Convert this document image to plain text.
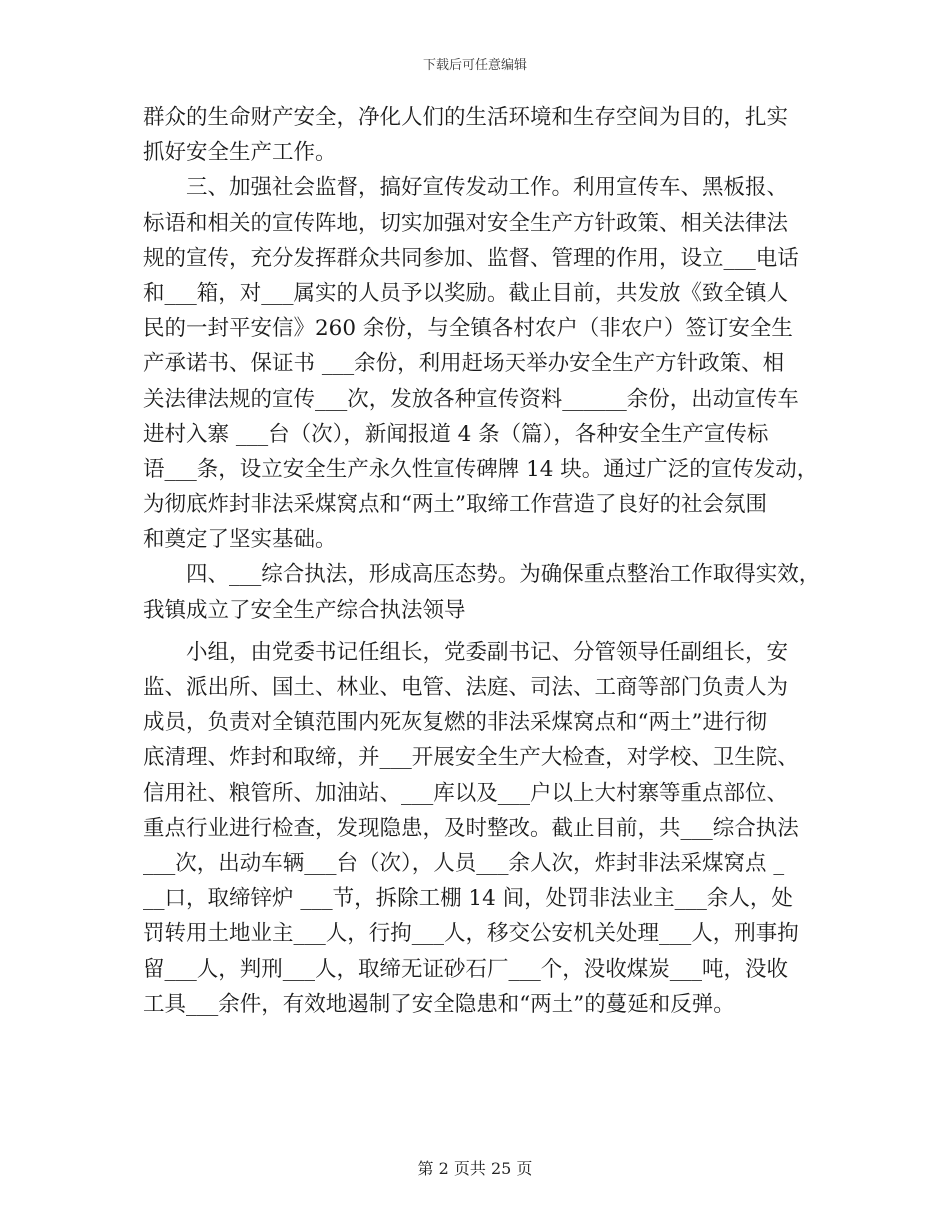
下载后可任意编辑
群众的生命财产安全，净化人们的生活环境和生存空间为目的，扎实
抓好安全生产工作。
　　三、加强社会监督，搞好宣传发动工作。利用宣传车、黑板报、
标语和相关的宣传阵地，切实加强对安全生产方针政策、相关法律法
规的宣传，充分发挥群众共同参加、监督、管理的作用，设立___电话
和___箱，对___属实的人员予以奖励。截止目前，共发放《致全镇人
民的一封平安信》260 余份，与全镇各村农户（非农户）签订安全生
产承诺书、保证书 ___余份，利用赶场天举办安全生产方针政策、相
关法律法规的宣传___次，发放各种宣传资料______余份，出动宣传车
进村入寨 ___台（次），新闻报道 4 条（篇），各种安全生产宣传标
语___条，设立安全生产永久性宣传碑牌 14 块。通过广泛的宣传发动，
为彻底炸封非法采煤窝点和“两土”取缔工作营造了良好的社会氛围
和奠定了坚实基础。
　　四、___综合执法，形成高压态势。为确保重点整治工作取得实效，
我镇成立了安全生产综合执法领导
　　小组，由党委书记任组长，党委副书记、分管领导任副组长，安
监、派出所、国土、林业、电管、法庭、司法、工商等部门负责人为
成员，负责对全镇范围内死灰复燃的非法采煤窝点和“两土”进行彻
底清理、炸封和取缔，并___开展安全生产大检查，对学校、卫生院、
信用社、粮管所、加油站、___库以及___户以上大村寨等重点部位、
重点行业进行检查，发现隐患，及时整改。截止目前，共___综合执法
___次，出动车辆___台（次），人员___余人次，炸封非法采煤窝点 _
__口，取缔锌炉 ___节，拆除工棚 14 间，处罚非法业主___余人，处
罚转用土地业主___人，行拘___人，移交公安机关处理___人，刑事拘
留___人，判刑___人，取缔无证砂石厂___个，没收煤炭___吨，没收
工具___余件，有效地遏制了安全隐患和“两土”的蔓延和反弹。
第 2 页共 25 页
